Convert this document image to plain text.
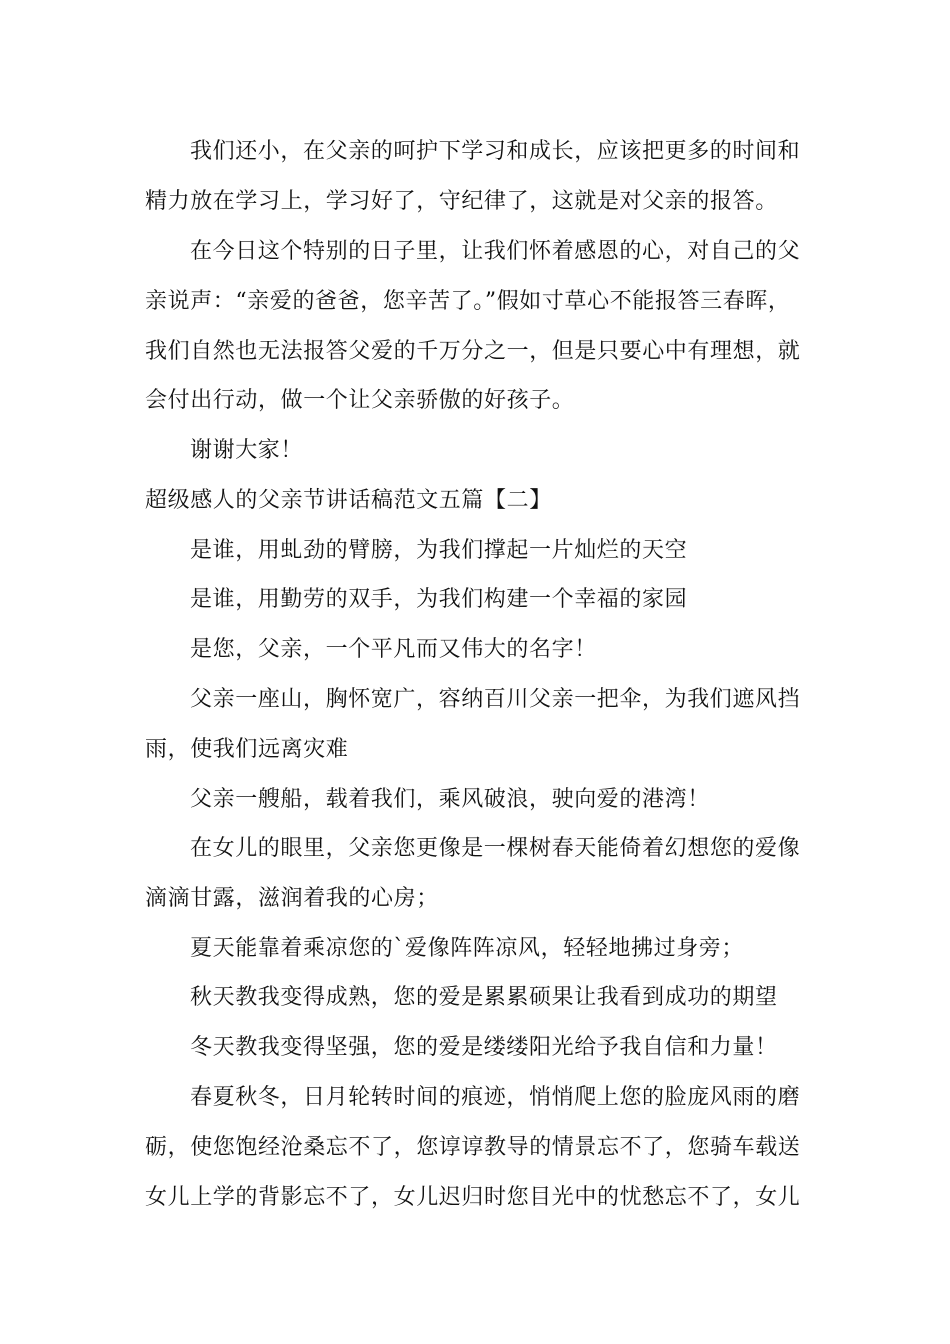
我们还小，在父亲的呵护下学习和成长，应该把更多的时间和
精力放在学习上，学习好了，守纪律了，这就是对父亲的报答。
在今日这个特别的日子里，让我们怀着感恩的心，对自己的父
亲说声：“亲爱的爸爸，您辛苦了。”假如寸草心不能报答三春晖，
我们自然也无法报答父爱的千万分之一，但是只要心中有理想，就
会付出行动，做一个让父亲骄傲的好孩子。
谢谢大家！
超级感人的父亲节讲话稿范文五篇【二】
是谁，用虬劲的臂膀，为我们撑起一片灿烂的天空
是谁，用勤劳的双手，为我们构建一个幸福的家园
是您，父亲，一个平凡而又伟大的名字！
父亲一座山，胸怀宽广，容纳百川父亲一把伞，为我们遮风挡
雨，使我们远离灾难
父亲一艘船，载着我们，乘风破浪，驶向爱的港湾！
在女儿的眼里，父亲您更像是一棵树春天能倚着幻想您的爱像
滴滴甘露，滋润着我的心房；
夏天能靠着乘凉您的`爱像阵阵凉风，轻轻地拂过身旁；
秋天教我变得成熟，您的爱是累累硕果让我看到成功的期望
冬天教我变得坚强，您的爱是缕缕阳光给予我自信和力量！
春夏秋冬，日月轮转时间的痕迹，悄悄爬上您的脸庞风雨的磨
砺，使您饱经沧桑忘不了，您谆谆教导的情景忘不了，您骑车载送
女儿上学的背影忘不了，女儿迟归时您目光中的忧愁忘不了，女儿
